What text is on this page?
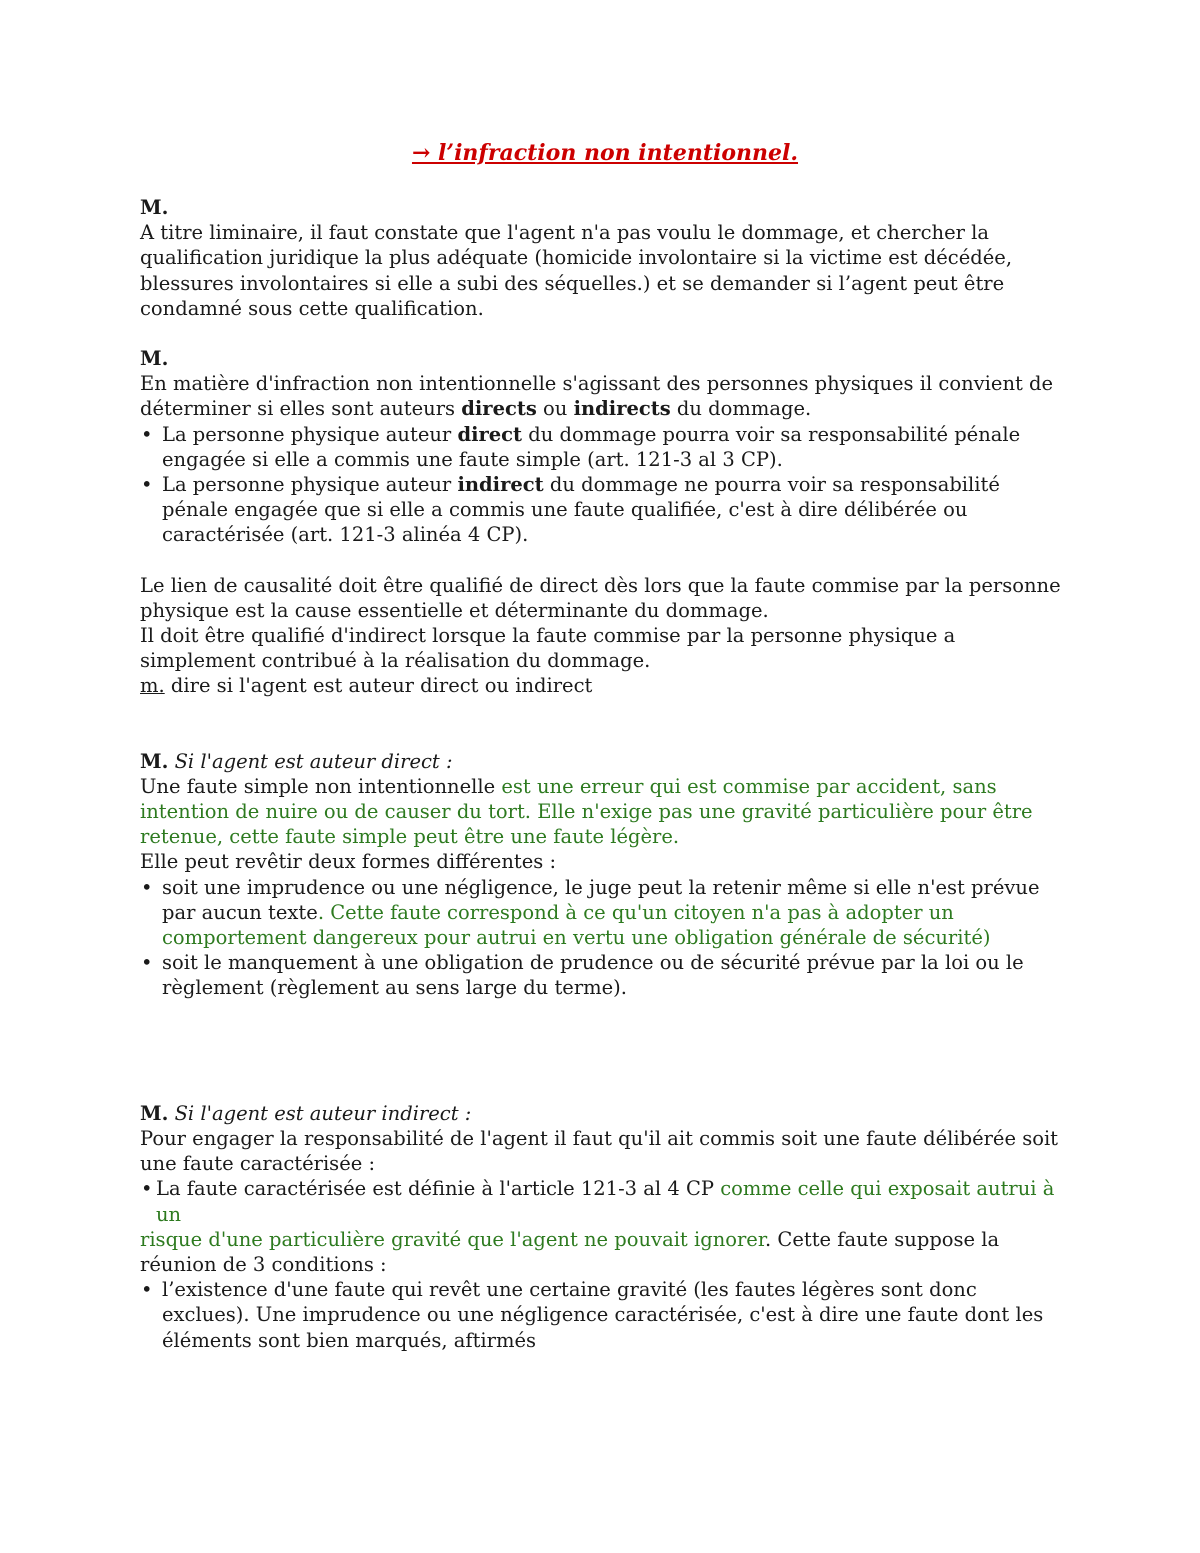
→ l’infraction non intentionnel.

M.

A titre liminaire, il faut constate que l'agent n'a pas voulu le dommage, et chercher la qualification juridique la plus adéquate (homicide involontaire si la victime est décédée, blessures involontaires si elle a subi des séquelles.) et se demander si l’agent peut être condamné sous cette qualification.

M.

En matière d'infraction non intentionnelle s'agissant des personnes physiques il convient de déterminer si elles sont auteurs directs ou indirects du dommage.

• La personne physique auteur direct du dommage pourra voir sa responsabilité pénale engagée si elle a commis une faute simple (art. 121-3 al 3 CP).
• La personne physique auteur indirect du dommage ne pourra voir sa responsabilité pénale engagée que si elle a commis une faute qualifiée, c'est à dire délibérée ou caractérisée (art. 121-3 alinéa 4 CP).

Le lien de causalité doit être qualifié de direct dès lors que la faute commise par la personne physique est la cause essentielle et déterminante du dommage.

Il doit être qualifié d'indirect lorsque la faute commise par la personne physique a simplement contribué à la réalisation du dommage.

m. dire si l'agent est auteur direct ou indirect

M. Si l'agent est auteur direct :

Une faute simple non intentionnelle est une erreur qui est commise par accident, sans intention de nuire ou de causer du tort. Elle n'exige pas une gravité particulière pour être retenue, cette faute simple peut être une faute légère.

Elle peut revêtir deux formes différentes :

• soit une imprudence ou une négligence, le juge peut la retenir même si elle n'est prévue par aucun texte. Cette faute correspond à ce qu'un citoyen n'a pas à adopter un comportement dangereux pour autrui en vertu une obligation générale de sécurité)
• soit le manquement à une obligation de prudence ou de sécurité prévue par la loi ou le règlement (règlement au sens large du terme).

M. Si l'agent est auteur indirect :

Pour engager la responsabilité de l'agent il faut qu'il ait commis soit une faute délibérée soit une faute caractérisée :

• La faute caractérisée est définie à l'article 121-3 al 4 CP comme celle qui exposait autrui à un

risque d'une particulière gravité que l'agent ne pouvait ignorer. Cette faute suppose la réunion de 3 conditions :

• l’existence d'une faute qui revêt une certaine gravité (les fautes légères sont donc exclues). Une imprudence ou une négligence caractérisée, c'est à dire une faute dont les éléments sont bien marqués, aftirmés
